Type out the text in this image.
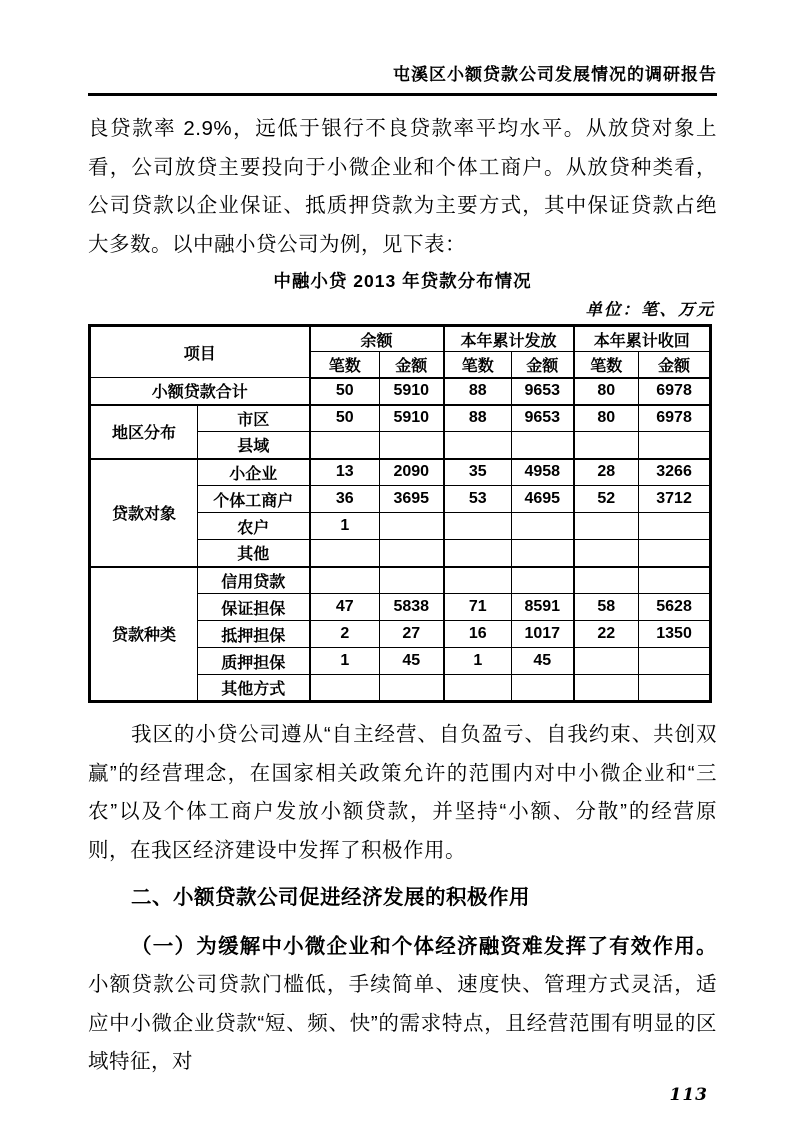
屯溪区小额贷款公司发展情况的调研报告

良贷款率 2.9%，远低于银行不良贷款率平均水平。从放贷对象上看，公司放贷主要投向于小微企业和个体工商户。从放贷种类看，公司贷款以企业保证、抵质押贷款为主要方式，其中保证贷款占绝大多数。以中融小贷公司为例，见下表：

中融小贷 2013 年贷款分布情况
单位：笔、万元
项目		余额		本年累计发放		本年累计收回	
		笔数	金额	笔数	金额	笔数	金额
小额贷款合计		50	5910	88	9653	80	6978
地区分布	市区	50	5910	88	9653	80	6978
	县域						
贷款对象	小企业	13	2090	35	4958	28	3266
	个体工商户	36	3695	53	4695	52	3712
	农户	1					
	其他						
贷款种类	信用贷款						
	保证担保	47	5838	71	8591	58	5628
	抵押担保	2	27	16	1017	22	1350
	质押担保	1	45	1	45		
	其他方式						

我区的小贷公司遵从“自主经营、自负盈亏、自我约束、共创双赢”的经营理念，在国家相关政策允许的范围内对中小微企业和“三农”以及个体工商户发放小额贷款，并坚持“小额、分散”的经营原则，在我区经济建设中发挥了积极作用。

二、小额贷款公司促进经济发展的积极作用

（一）为缓解中小微企业和个体经济融资难发挥了有效作用。小额贷款公司贷款门槛低，手续简单、速度快、管理方式灵活，适应中小微企业贷款“短、频、快”的需求特点，且经营范围有明显的区域特征，对

113
